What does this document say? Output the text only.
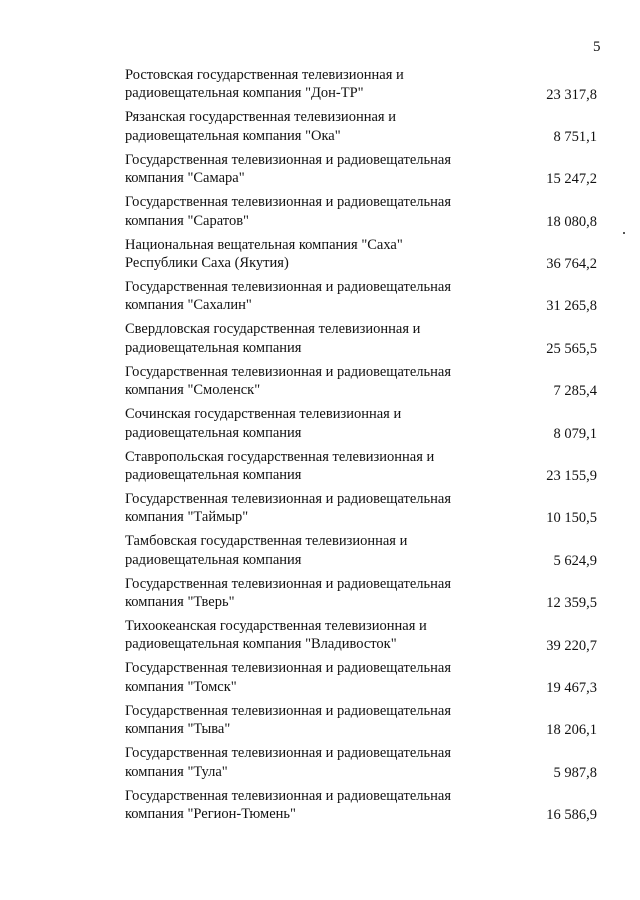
5
Ростовская государственная телевизионная и
радиовещательная компания "Дон-ТР"	23 317,8
Рязанская государственная телевизионная и
радиовещательная компания "Ока"	8 751,1
Государственная телевизионная и радиовещательная
компания "Самара"	15 247,2
Государственная телевизионная и радиовещательная
компания "Саратов"	18 080,8
Национальная вещательная компания "Саха"
Республики Саха (Якутия)	36 764,2
Государственная телевизионная и радиовещательная
компания "Сахалин"	31 265,8
Свердловская государственная телевизионная и
радиовещательная компания	25 565,5
Государственная телевизионная и радиовещательная
компания "Смоленск"	7 285,4
Сочинская государственная телевизионная и
радиовещательная компания	8 079,1
Ставропольская государственная телевизионная и
радиовещательная компания	23 155,9
Государственная телевизионная и радиовещательная
компания "Таймыр"	10 150,5
Тамбовская государственная телевизионная и
радиовещательная компания	5 624,9
Государственная телевизионная и радиовещательная
компания "Тверь"	12 359,5
Тихоокеанская государственная телевизионная и
радиовещательная компания "Владивосток"	39 220,7
Государственная телевизионная и радиовещательная
компания "Томск"	19 467,3
Государственная телевизионная и радиовещательная
компания "Тыва"	18 206,1
Государственная телевизионная и радиовещательная
компания "Тула"	5 987,8
Государственная телевизионная и радиовещательная
компания "Регион-Тюмень"	16 586,9
